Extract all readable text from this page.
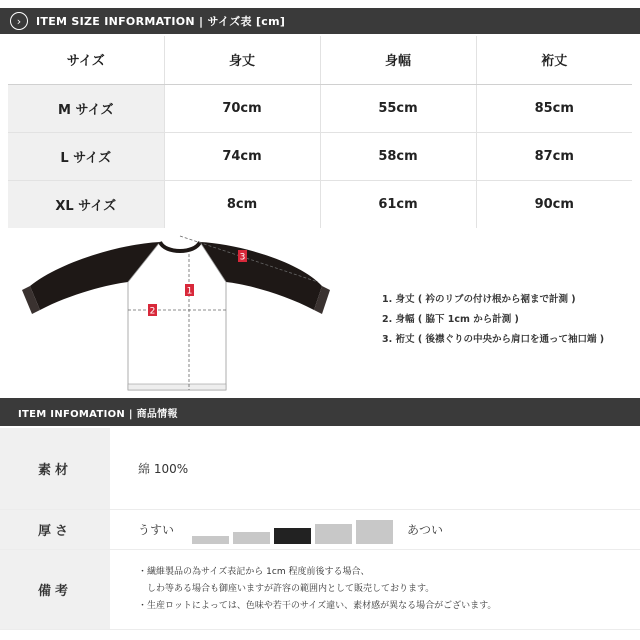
›	ITEM SIZE INFORMATION | サイズ表 [cm]
サイズ	身丈	身幅	裄丈
M サイズ	70cm	55cm	85cm
L サイズ	74cm	58cm	87cm
XL サイズ	8cm	61cm	90cm
1
2
3
1. 身丈 ( 衿のリブの付け根から裾まで計測 )
2. 身幅 ( 脇下 1cm から計測 )
3. 裄丈 ( 後襟ぐりの中央から肩口を通って袖口端 )
ITEM INFOMATION | 商品情報
素材	綿 100%
厚さ	うすい	あつい
備考
・繊維製品の為サイズ表記から 1cm 程度前後する場合、
　しわ等ある場合も御座いますが許容の範囲内として販売しております。
・生産ロットによっては、色味や若干のサイズ違い、素材感が異なる場合がございます。
